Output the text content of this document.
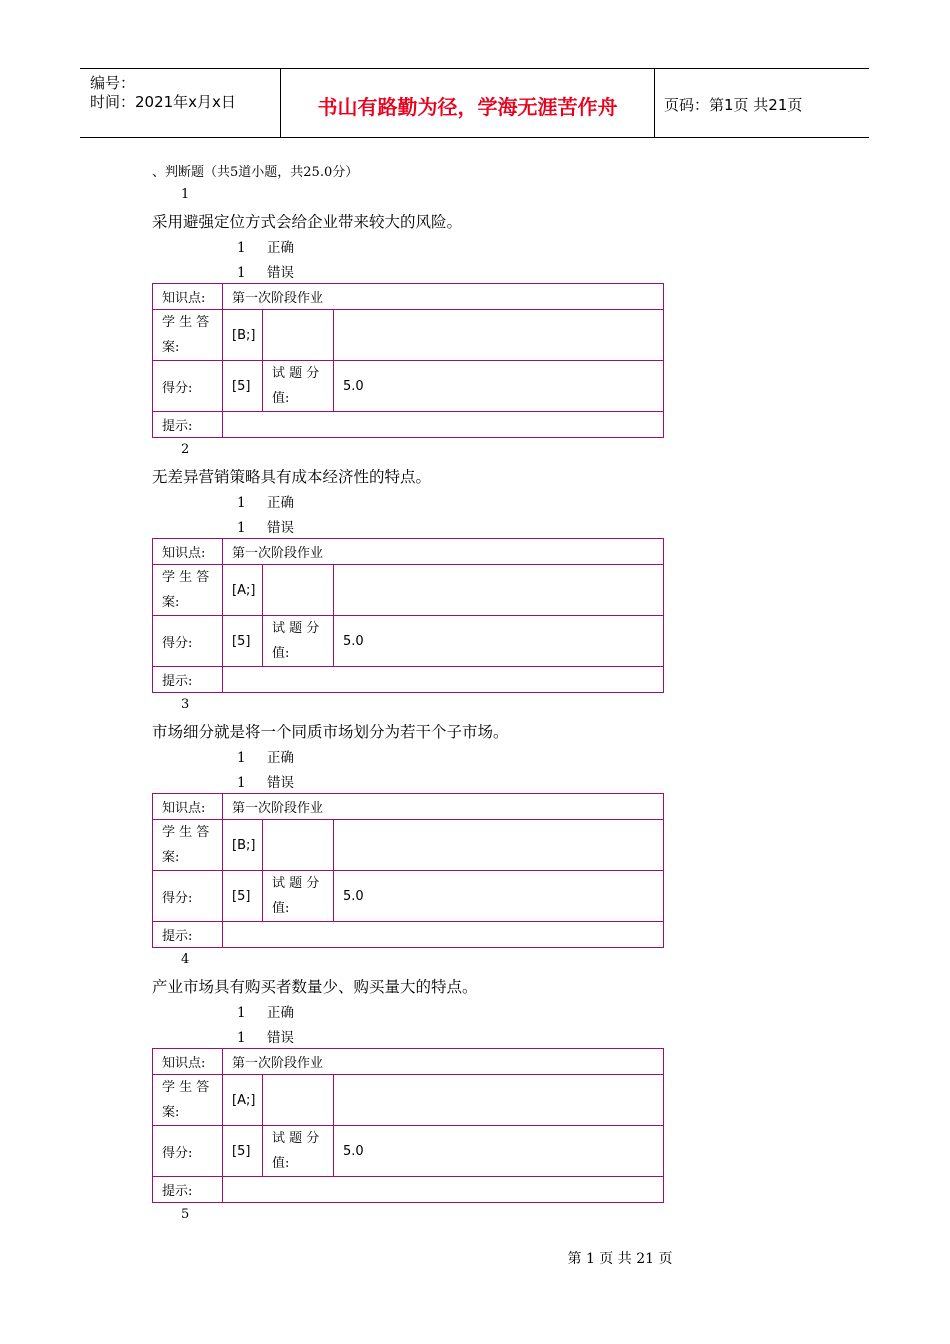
编号：
时间：2021年x月x日	书山有路勤为径，学海无涯苦作舟	页码：第1页 共21页
、判断题（共5道小题，共25.0分）
1
采用避强定位方式会给企业带来较大的风险。
1 正确
1 错误
知识点:	第一次阶段作业		
学 生 答 案:	[B;]		
得分:	[5]	试 题 分 值:	5.0
提示:			
2
无差异营销策略具有成本经济性的特点。
1 正确
1 错误
知识点:	第一次阶段作业		
学 生 答 案:	[A;]		
得分:	[5]	试 题 分 值:	5.0
提示:			
3
市场细分就是将一个同质市场划分为若干个子市场。
1 正确
1 错误
知识点:	第一次阶段作业		
学 生 答 案:	[B;]		
得分:	[5]	试 题 分 值:	5.0
提示:			
4
产业市场具有购买者数量少、购买量大的特点。
1 正确
1 错误
知识点:	第一次阶段作业		
学 生 答 案:	[A;]		
得分:	[5]	试 题 分 值:	5.0
提示:			
5
第 1 页 共 21 页
